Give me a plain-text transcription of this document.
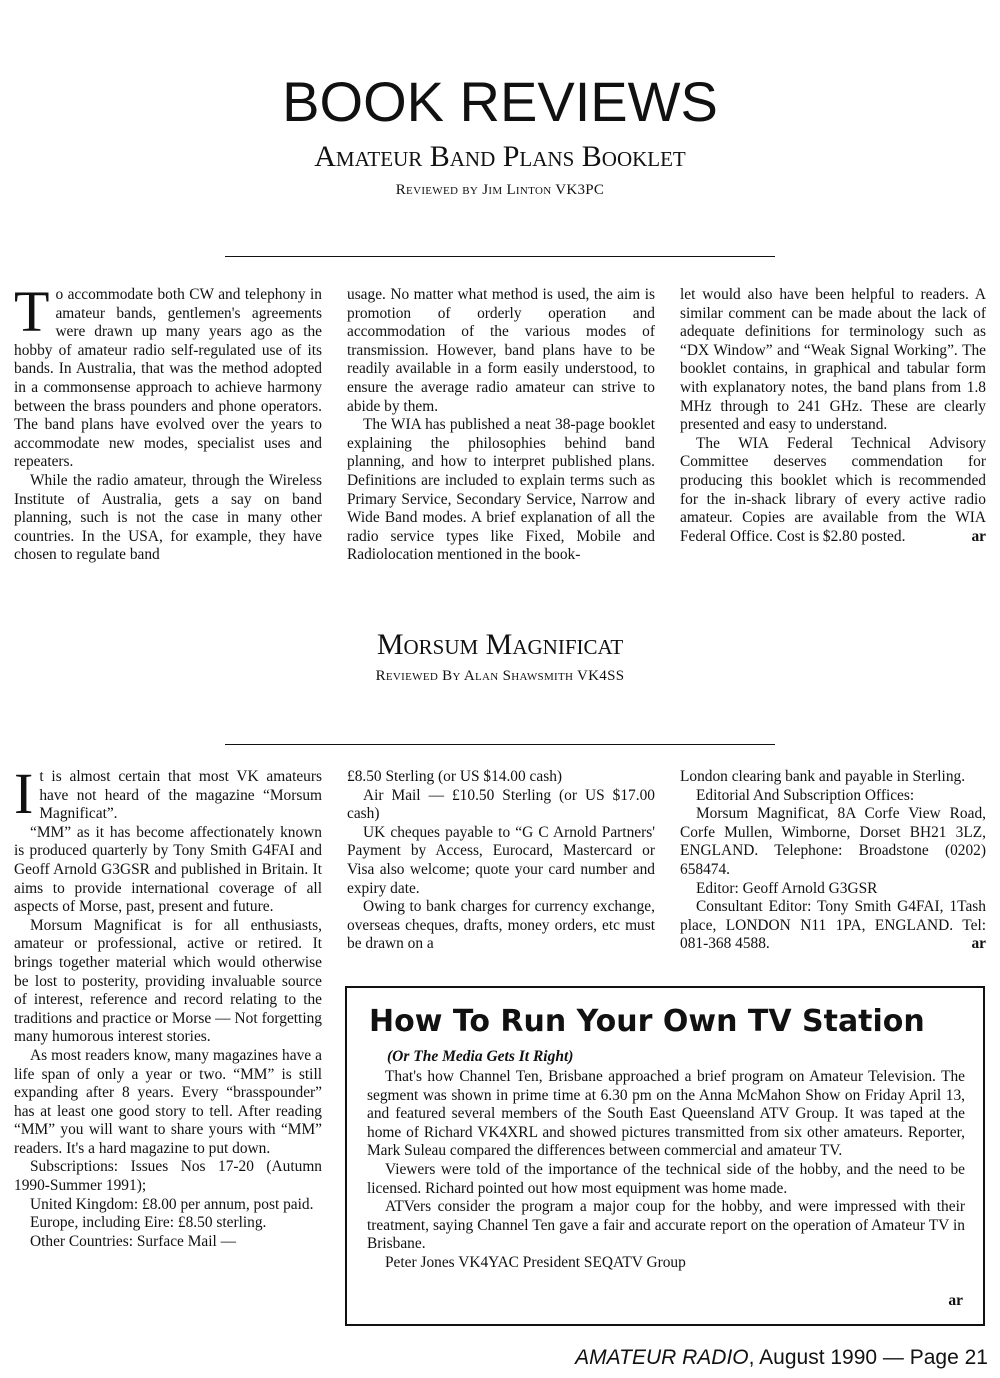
BOOK REVIEWS
Amateur Band Plans Booklet
Reviewed by Jim Linton VK3PC
T o accommodate both CW and telephony in amateur bands, gentlemen's agreements were drawn up many years ago as the hobby of amateur radio self-regulated use of its bands. In Australia, that was the method adopted in a commonsense approach to achieve harmony between the brass pounders and phone operators. The band plans have evolved over the years to accommodate new modes, specialist uses and repeaters.

While the radio amateur, through the Wireless Institute of Australia, gets a say on band planning, such is not the case in many other countries. In the USA, for example, they have chosen to regulate band

usage. No matter what method is used, the aim is promotion of orderly operation and accommodation of the various modes of transmission. However, band plans have to be readily available in a form easily understood, to ensure the average radio amateur can strive to abide by them.

The WIA has published a neat 38-page booklet explaining the philosophies behind band planning, and how to interpret published plans. Definitions are included to explain terms such as Primary Service, Secondary Service, Narrow and Wide Band modes. A brief explanation of all the radio service types like Fixed, Mobile and Radiolocation mentioned in the book-

let would also have been helpful to readers. A similar comment can be made about the lack of adequate definitions for terminology such as “DX Window” and “Weak Signal Working”. The booklet contains, in graphical and tabular form with explanatory notes, the band plans from 1.8 MHz through to 241 GHz. These are clearly presented and easy to understand.

The WIA Federal Technical Advisory Committee deserves commendation for producing this booklet which is recommended for the in-shack library of every active radio amateur. Copies are available from the WIA Federal Office. Cost is $2.80 posted.	ar

Morsum Magnificat
Reviewed By Alan Shawsmith VK4SS
I t is almost certain that most VK amateurs have not heard of the magazine “Morsum Magnificat”.

“MM” as it has become affectionately known is produced quarterly by Tony Smith G4FAI and Geoff Arnold G3GSR and published in Britain. It aims to provide international coverage of all aspects of Morse, past, present and future.

Morsum Magnificat is for all enthusiasts, amateur or professional, active or retired. It brings together material which would otherwise be lost to posterity, providing invaluable source of interest, reference and record relating to the traditions and practice or Morse — Not forgetting many humorous interest stories.

As most readers know, many magazines have a life span of only a year or two. “MM” is still expanding after 8 years. Every “brasspounder” has at least one good story to tell. After reading “MM” you will want to share yours with “MM” readers. It's a hard magazine to put down.

Subscriptions: Issues Nos 17-20 (Autumn 1990-Summer 1991);

United Kingdom: £8.00 per annum, post paid.

Europe, including Eire: £8.50 sterling.

Other Countries: Surface Mail —

£8.50 Sterling (or US $14.00 cash)

Air Mail — £10.50 Sterling (or US $17.00 cash)

UK cheques payable to “G C Arnold Partners' Payment by Access, Eurocard, Mastercard or Visa also welcome; quote your card number and expiry date.

Owing to bank charges for currency exchange, overseas cheques, drafts, money orders, etc must be drawn on a

London clearing bank and payable in Sterling.

Editorial And Subscription Offices:

Morsum Magnificat, 8A Corfe View Road, Corfe Mullen, Wimborne, Dorset BH21 3LZ, ENGLAND. Telephone: Broadstone (0202) 658474.

Editor: Geoff Arnold G3GSR

Consultant Editor: Tony Smith G4FAI, 1Tash place, LONDON N11 1PA, ENGLAND. Tel: 081-368 4588.	ar

How To Run Your Own TV Station
(Or The Media Gets It Right)

That's how Channel Ten, Brisbane approached a brief program on Amateur Television. The segment was shown in prime time at 6.30 pm on the Anna McMahon Show on Friday April 13, and featured several members of the South East Queensland ATV Group. It was taped at the home of Richard VK4XRL and showed pictures transmitted from six other amateurs. Reporter, Mark Suleau compared the differences between commercial and amateur TV.

Viewers were told of the importance of the technical side of the hobby, and the need to be licensed. Richard pointed out how most equipment was home made.

ATVers consider the program a major coup for the hobby, and were impressed with their treatment, saying Channel Ten gave a fair and accurate report on the operation of Amateur TV in Brisbane.

Peter Jones VK4YAC President SEQATV Group

ar
AMATEUR RADIO, August 1990 — Page 21
